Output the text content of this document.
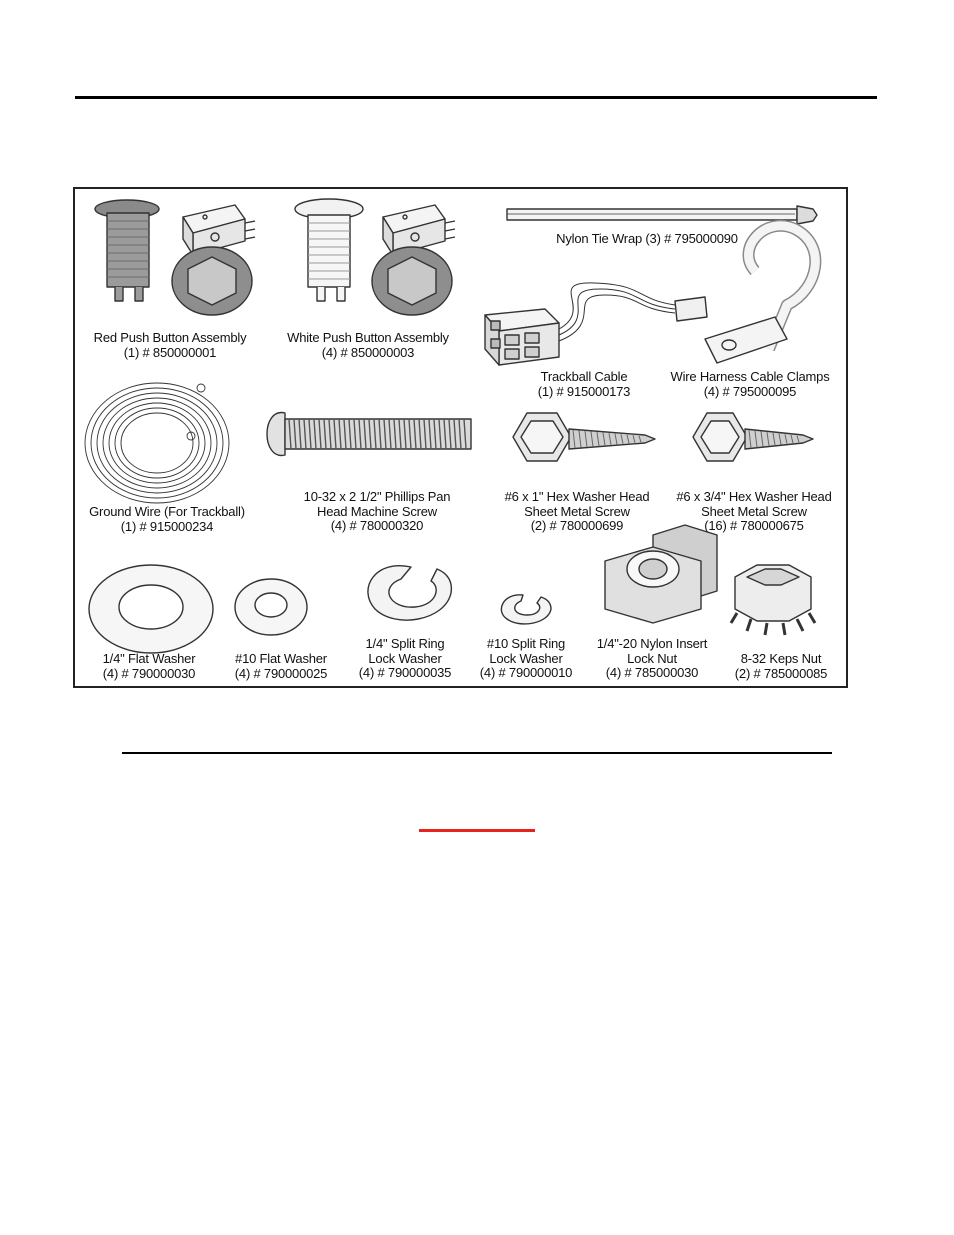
Red Push Button Assembly
(1) # 850000001
White Push Button Assembly
(4) # 850000003
Nylon Tie Wrap (3) # 795000090
Trackball Cable
(1) # 915000173
Wire Harness Cable Clamps
(4) # 795000095
Ground Wire (For Trackball)
(1) # 915000234
10-32 x 2 1/2" Phillips Pan
Head Machine Screw
(4) # 780000320
#6 x 1" Hex Washer Head
Sheet Metal Screw
(2) # 780000699
#6 x 3/4" Hex Washer Head
Sheet Metal Screw
(16) # 780000675
1/4" Flat Washer
(4) # 790000030
#10 Flat Washer
(4) # 790000025
1/4" Split Ring
Lock Washer
(4) # 790000035
#10 Split Ring
Lock Washer
(4) # 790000010
1/4"-20 Nylon Insert
Lock Nut
(4) # 785000030
8-32 Keps Nut
(2) # 785000085
